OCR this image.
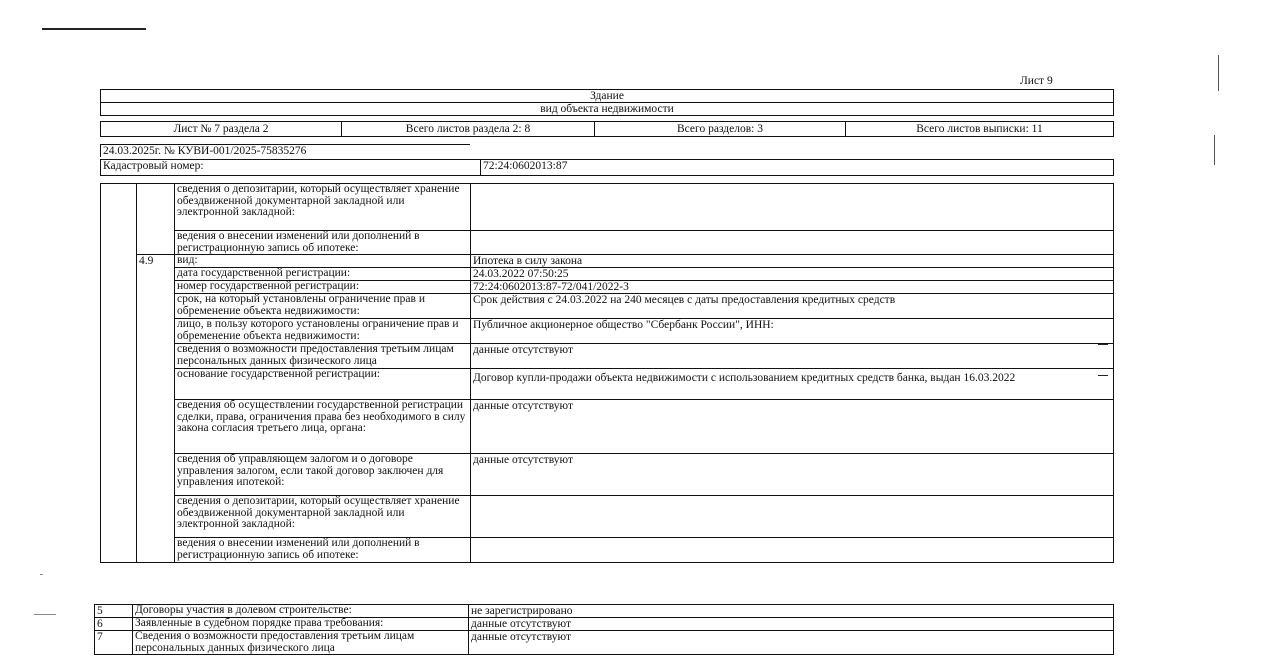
Лист 9
Здание
вид объекта недвижимости
Лист № 7 раздела 2	Всего листов раздела 2: 8	Всего разделов: 3	Всего листов выписки: 11
24.03.2025г. № КУВИ-001/2025-75835276
Кадастровый номер:	72:24:0602013:87
		сведения о депозитарии, который осуществляет хранение обездвиженной документарной закладной или электронной закладной:	
		ведения о внесении изменений или дополнений в регистрационную запись об ипотеке:	
	4.9	вид:	Ипотека в силу закона
		дата государственной регистрации:	24.03.2022 07:50:25
		номер государственной регистрации:	72:24:0602013:87-72/041/2022-3
		срок, на который установлены ограничение прав и обременение объекта недвижимости:	Срок действия с 24.03.2022 на 240 месяцев с даты предоставления кредитных средств
		лицо, в пользу которого установлены ограничение прав и обременение объекта недвижимости:	Публичное акционерное общество "Сбербанк России", ИНН:
		сведения о возможности предоставления третьим лицам персональных данных физического лица	данные отсутствуют
		основание государственной регистрации:	Договор купли-продажи объекта недвижимости с использованием кредитных средств банка, выдан 16.03.2022
		сведения об осуществлении государственной регистрации сделки, права, ограничения права без необходимого в силу закона согласия третьего лица, органа:	данные отсутствуют
		сведения об управляющем залогом и о договоре управления залогом, если такой договор заключен для управления ипотекой:	данные отсутствуют
		сведения о депозитарии, который осуществляет хранение обездвиженной документарной закладной или электронной закладной:	
		ведения о внесении изменений или дополнений в регистрационную запись об ипотеке:	
5	Договоры участия в долевом строительстве:	не зарегистрировано
6	Заявленные в судебном порядке права требования:	данные отсутствуют
7	Сведения о возможности предоставления третьим лицам персональных данных физического лица	данные отсутствуют
